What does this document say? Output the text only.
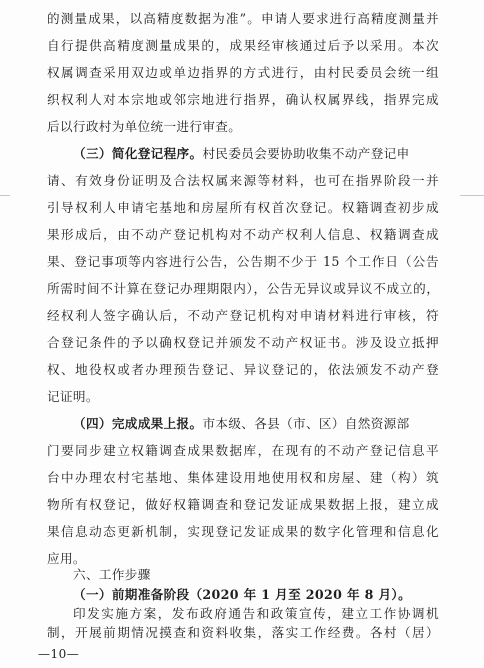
的测量成果，以高精度数据为准”。申请人要求进行高精度测量并
自行提供高精度测量成果的，成果经审核通过后予以采用。本次
权属调查采用双边或单边指界的方式进行，由村民委员会统一组
织权利人对本宗地或邻宗地进行指界，确认权属界线，指界完成
后以行政村为单位统一进行审查。
（三）简化登记程序。村民委员会要协助收集不动产登记申
请、有效身份证明及合法权属来源等材料，也可在指界阶段一并
引导权利人申请宅基地和房屋所有权首次登记。权籍调查初步成
果形成后，由不动产登记机构对不动产权利人信息、权籍调查成
果、登记事项等内容进行公告，公告期不少于 15 个工作日（公告
所需时间不计算在登记办理期限内），公告无异议或异议不成立的，
经权利人签字确认后，不动产登记机构对申请材料进行审核，符
合登记条件的予以确权登记并颁发不动产权证书。涉及设立抵押
权、地役权或者办理预告登记、异议登记的，依法颁发不动产登
记证明。
（四）完成成果上报。市本级、各县（市、区）自然资源部
门要同步建立权籍调查成果数据库，在现有的不动产登记信息平
台中办理农村宅基地、集体建设用地使用权和房屋、建（构）筑
物所有权登记，做好权籍调查和登记发证成果数据上报，建立成
果信息动态更新机制，实现登记发证成果的数字化管理和信息化
应用。
六、工作步骤
（一）前期准备阶段（2020 年 1 月至 2020 年 8 月）。
—10—
印发实施方案，发布政府通告和政策宣传，建立工作协调机
制，开展前期情况摸查和资料收集，落实工作经费。各村（居）
